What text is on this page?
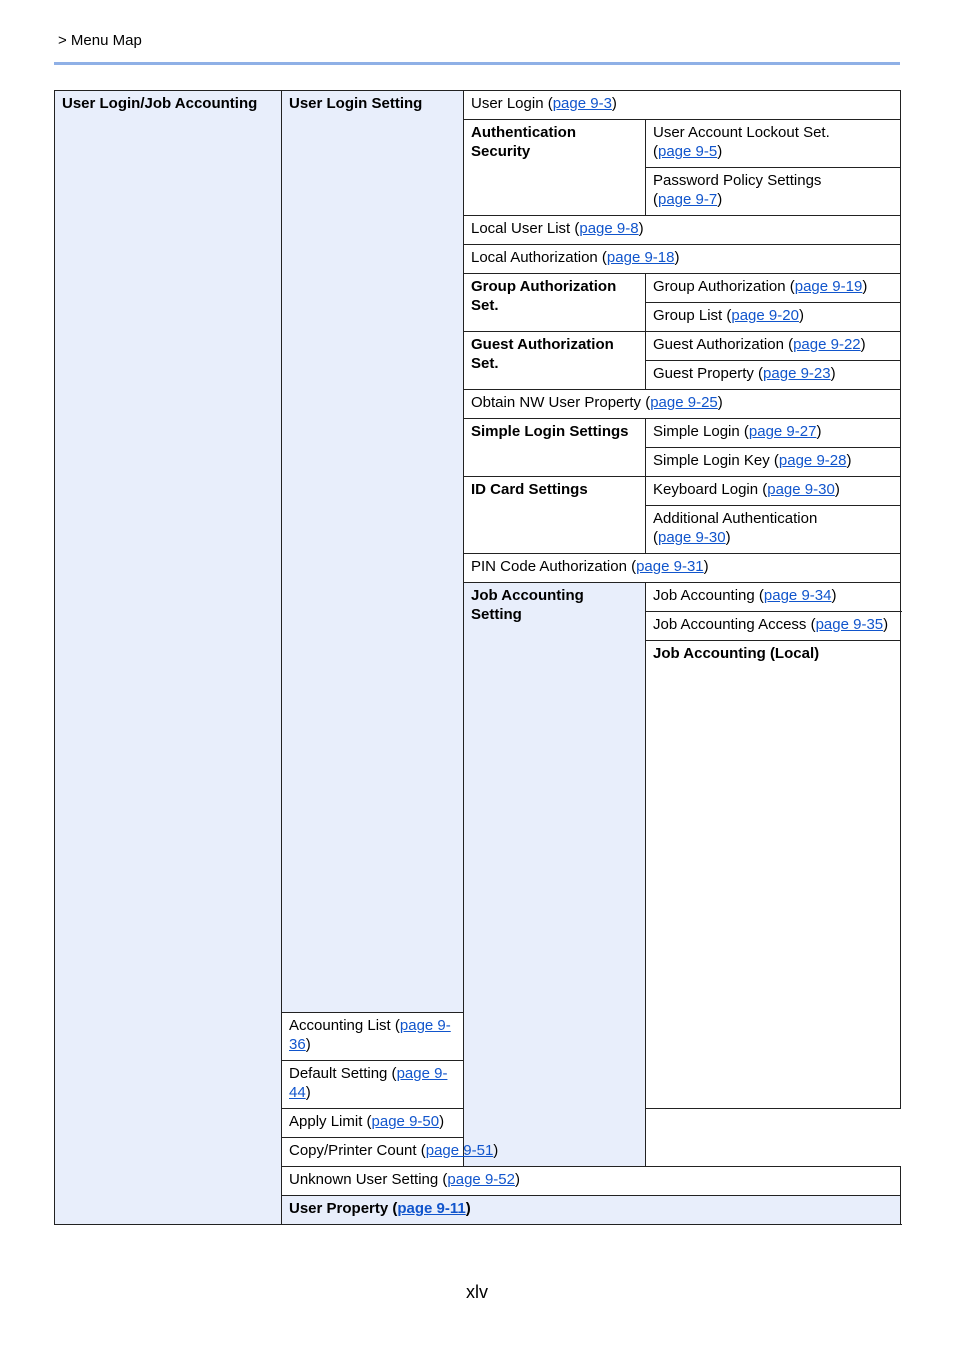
> Menu Map
User Login/Job Accounting	User Login Setting	User Login (page 9-3)		
		Authentication Security	User Account Lockout Set.
(page 9-5)	
			Password Policy Settings
(page 9-7)	
		Local User List (page 9-8)		
		Local Authorization (page 9-18)		
		Group Authorization Set.	Group Authorization (page 9-19)	
			Group List (page 9-20)	
		Guest Authorization Set.	Guest Authorization (page 9-22)	
			Guest Property (page 9-23)	
		Obtain NW User Property (page 9-25)		
		Simple Login Settings	Simple Login (page 9-27)	
			Simple Login Key (page 9-28)	
		ID Card Settings	Keyboard Login (page 9-30)	
			Additional Authentication
(page 9-30)	
		PIN Code Authorization (page 9-31)		
		Job Accounting Setting	Job Accounting (page 9-34)	
			Job Accounting Access (page 9-35)	
			Job Accounting (Local)	

	Accounting List (page 9-36)			
	Default Setting (page 9-44)			
	Apply Limit (page 9-50)			
	Copy/Printer Count (page 9-51)			
	Unknown User Setting (page 9-52)			
	User Property (page 9-11)			
xlv
